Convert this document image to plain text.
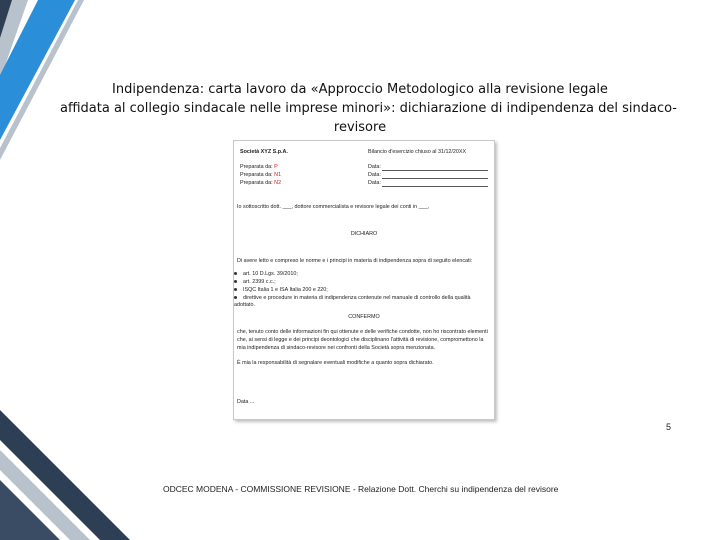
Indipendenza: carta lavoro da «Approccio Metodologico alla revisione legale
affidata al collegio sindacale nelle imprese minori»: dichiarazione di indipendenza del sindaco-
revisore
Società XYZ S.p.A.	Bilancio d'esercizio chiuso al 31/12/20XX
Preparata da: P	Data:
Preparata da: N1	Data:
Preparata da: N2	Data:
Io sottoscritto dott. ___, dottore commercialista e revisore legale dei conti in ___,
DICHIARO
Di avere letto e compreso le norme e i principi in materia di indipendenza sopra di seguito elencati:
art. 10 D.Lgs. 39/2010;
art. 2399 c.c.;
ISQC Italia 1 e ISA Italia 200 e 220;
direttive e procedure in materia di indipendenza contenute nel manuale di controllo della qualità adottato.
CONFERMO
che, tenuto conto delle informazioni fin qui ottenute e delle verifiche condotte, non ho riscontrato elementi
che, ai sensi di legge e dei principi deontologici che disciplinano l'attività di revisione, compromettono la
mia indipendenza di sindaco-revisore nei confronti della Società sopra menzionata.
È mia la responsabilità di segnalare eventuali modifiche a quanto sopra dichiarato.
Data ...
5
ODCEC MODENA - COMMISSIONE REVISIONE - Relazione Dott. Cherchi su indipendenza del revisore
